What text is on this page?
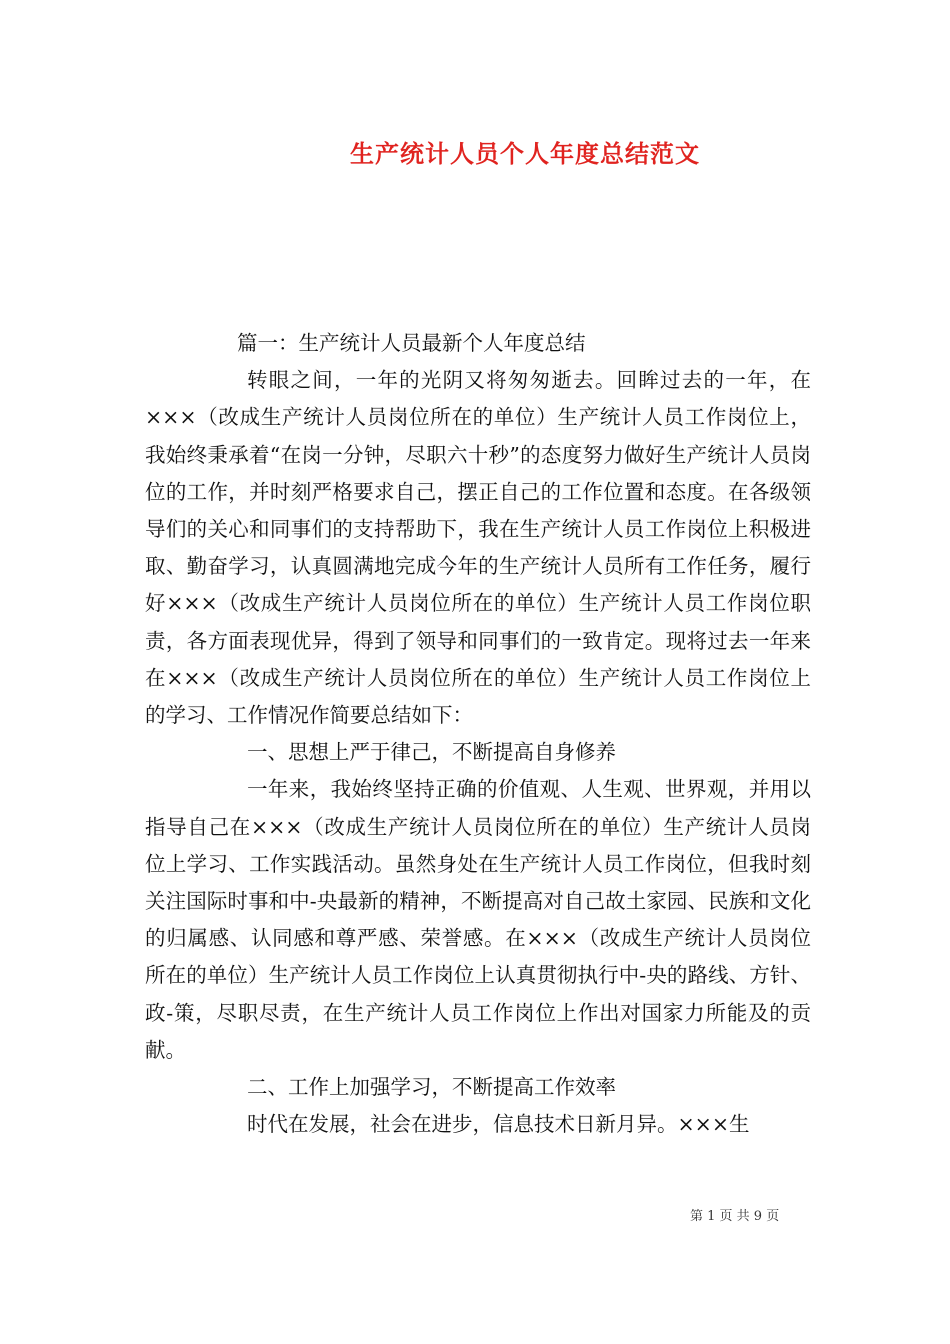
生产统计人员个人年度总结范文

篇一：生产统计人员最新个人年度总结

转眼之间，一年的光阴又将匆匆逝去。回眸过去的一年，在×××（改成生产统计人员岗位所在的单位）生产统计人员工作岗位上，我始终秉承着“在岗一分钟，尽职六十秒”的态度努力做好生产统计人员岗位的工作，并时刻严格要求自己，摆正自己的工作位置和态度。在各级领导们的关心和同事们的支持帮助下，我在生产统计人员工作岗位上积极进取、勤奋学习，认真圆满地完成今年的生产统计人员所有工作任务，履行好×××（改成生产统计人员岗位所在的单位）生产统计人员工作岗位职责，各方面表现优异，得到了领导和同事们的一致肯定。现将过去一年来在×××（改成生产统计人员岗位所在的单位）生产统计人员工作岗位上的学习、工作情况作简要总结如下：

一、思想上严于律己，不断提高自身修养

一年来，我始终坚持正确的价值观、人生观、世界观，并用以指导自己在×××（改成生产统计人员岗位所在的单位）生产统计人员岗位上学习、工作实践活动。虽然身处在生产统计人员工作岗位，但我时刻关注国际时事和中-央最新的精神，不断提高对自己故土家园、民族和文化的归属感、认同感和尊严感、荣誉感。在×××（改成生产统计人员岗位所在的单位）生产统计人员工作岗位上认真贯彻执行中-央的路线、方针、政-策，尽职尽责，在生产统计人员工作岗位上作出对国家力所能及的贡献。

二、工作上加强学习，不断提高工作效率

时代在发展，社会在进步，信息技术日新月异。×××生

第 1 页 共 9 页
